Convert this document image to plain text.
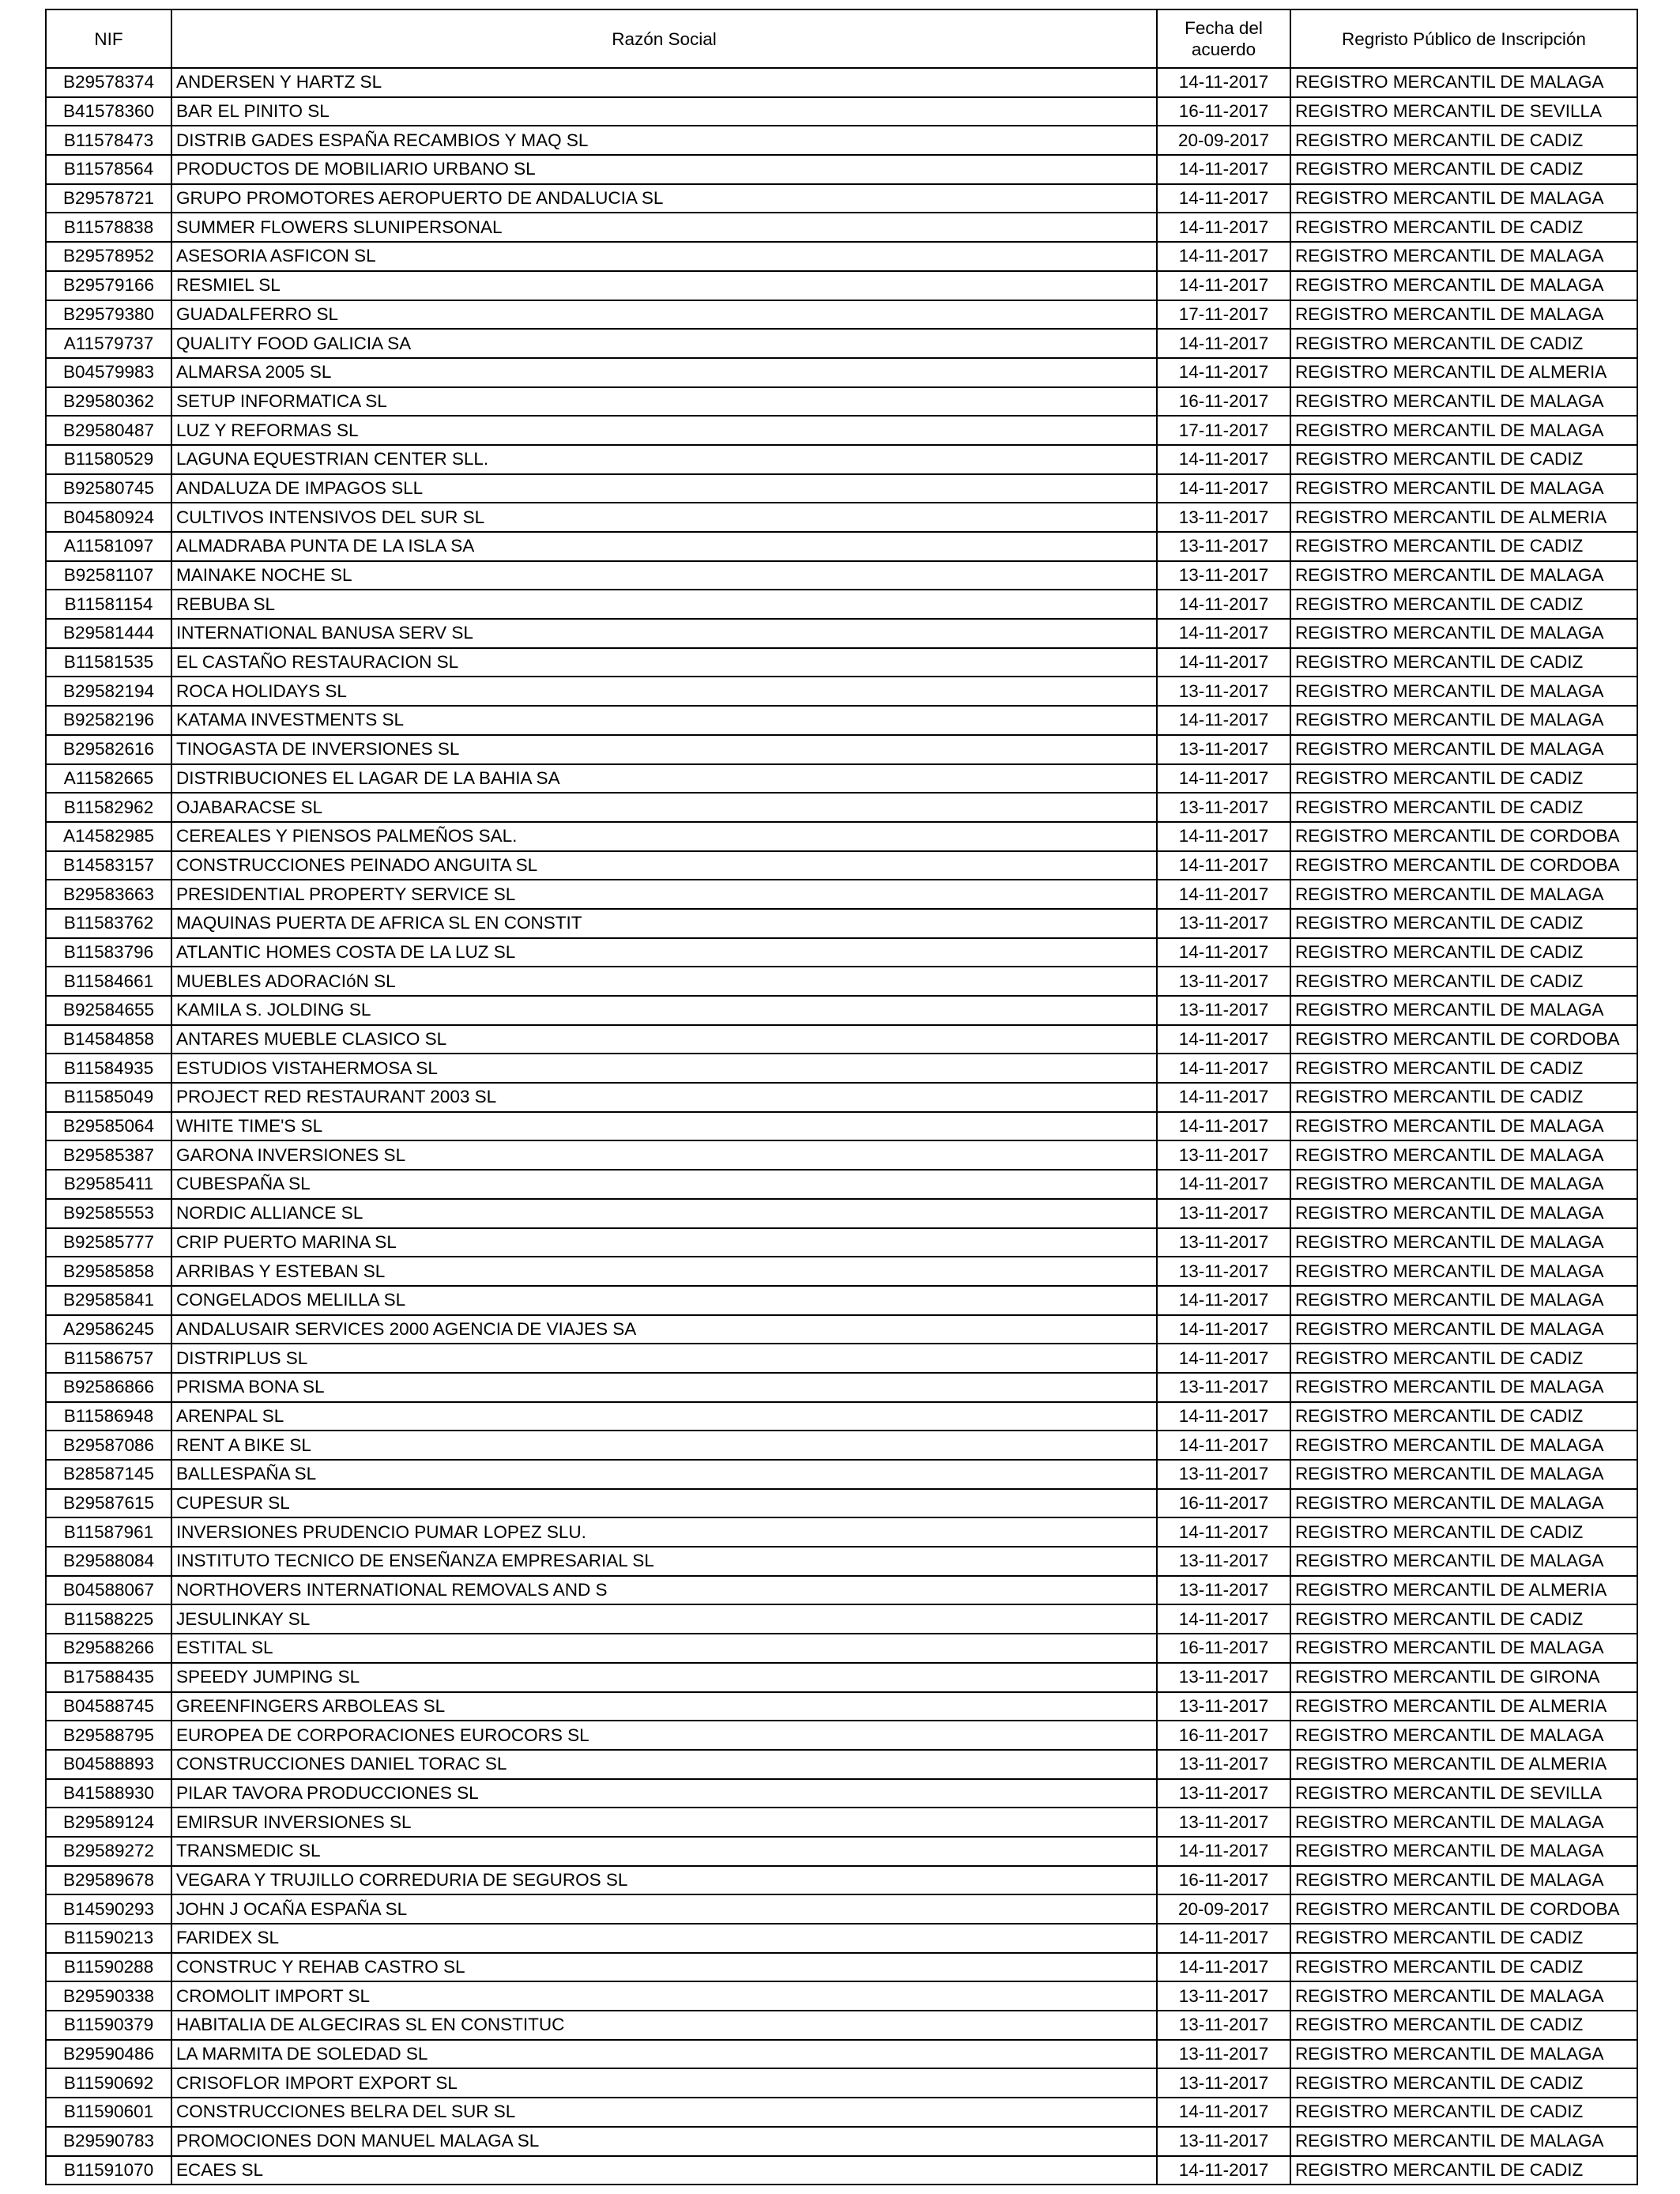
NIF	Razón Social	Fecha del acuerdo	Regristo Público de Inscripción
B29578374	ANDERSEN Y HARTZ SL	14-11-2017	REGISTRO MERCANTIL DE MALAGA
B41578360	BAR EL PINITO SL	16-11-2017	REGISTRO MERCANTIL DE SEVILLA
B11578473	DISTRIB GADES ESPAÑA RECAMBIOS Y MAQ SL	20-09-2017	REGISTRO MERCANTIL DE CADIZ
B11578564	PRODUCTOS DE MOBILIARIO URBANO SL	14-11-2017	REGISTRO MERCANTIL DE CADIZ
B29578721	GRUPO PROMOTORES AEROPUERTO DE ANDALUCIA SL	14-11-2017	REGISTRO MERCANTIL DE MALAGA
B11578838	SUMMER FLOWERS SLUNIPERSONAL	14-11-2017	REGISTRO MERCANTIL DE CADIZ
B29578952	ASESORIA ASFICON SL	14-11-2017	REGISTRO MERCANTIL DE MALAGA
B29579166	RESMIEL SL	14-11-2017	REGISTRO MERCANTIL DE MALAGA
B29579380	GUADALFERRO SL	17-11-2017	REGISTRO MERCANTIL DE MALAGA
A11579737	QUALITY FOOD GALICIA SA	14-11-2017	REGISTRO MERCANTIL DE CADIZ
B04579983	ALMARSA 2005 SL	14-11-2017	REGISTRO MERCANTIL DE ALMERIA
B29580362	SETUP INFORMATICA SL	16-11-2017	REGISTRO MERCANTIL DE MALAGA
B29580487	LUZ Y REFORMAS SL	17-11-2017	REGISTRO MERCANTIL DE MALAGA
B11580529	LAGUNA EQUESTRIAN CENTER SLL.	14-11-2017	REGISTRO MERCANTIL DE CADIZ
B92580745	ANDALUZA DE IMPAGOS SLL	14-11-2017	REGISTRO MERCANTIL DE MALAGA
B04580924	CULTIVOS INTENSIVOS DEL SUR SL	13-11-2017	REGISTRO MERCANTIL DE ALMERIA
A11581097	ALMADRABA PUNTA DE LA ISLA SA	13-11-2017	REGISTRO MERCANTIL DE CADIZ
B92581107	MAINAKE NOCHE SL	13-11-2017	REGISTRO MERCANTIL DE MALAGA
B11581154	REBUBA SL	14-11-2017	REGISTRO MERCANTIL DE CADIZ
B29581444	INTERNATIONAL BANUSA SERV SL	14-11-2017	REGISTRO MERCANTIL DE MALAGA
B11581535	EL CASTAÑO RESTAURACION SL	14-11-2017	REGISTRO MERCANTIL DE CADIZ
B29582194	ROCA HOLIDAYS SL	13-11-2017	REGISTRO MERCANTIL DE MALAGA
B92582196	KATAMA INVESTMENTS SL	14-11-2017	REGISTRO MERCANTIL DE MALAGA
B29582616	TINOGASTA DE INVERSIONES SL	13-11-2017	REGISTRO MERCANTIL DE MALAGA
A11582665	DISTRIBUCIONES EL LAGAR DE LA BAHIA SA	14-11-2017	REGISTRO MERCANTIL DE CADIZ
B11582962	OJABARACSE SL	13-11-2017	REGISTRO MERCANTIL DE CADIZ
A14582985	CEREALES Y PIENSOS PALMEÑOS SAL.	14-11-2017	REGISTRO MERCANTIL DE CORDOBA
B14583157	CONSTRUCCIONES PEINADO ANGUITA SL	14-11-2017	REGISTRO MERCANTIL DE CORDOBA
B29583663	PRESIDENTIAL PROPERTY SERVICE SL	14-11-2017	REGISTRO MERCANTIL DE MALAGA
B11583762	MAQUINAS PUERTA DE AFRICA SL EN CONSTIT	13-11-2017	REGISTRO MERCANTIL DE CADIZ
B11583796	ATLANTIC HOMES COSTA DE LA LUZ SL	14-11-2017	REGISTRO MERCANTIL DE CADIZ
B11584661	MUEBLES ADORACIóN SL	13-11-2017	REGISTRO MERCANTIL DE CADIZ
B92584655	KAMILA S. JOLDING SL	13-11-2017	REGISTRO MERCANTIL DE MALAGA
B14584858	ANTARES MUEBLE CLASICO SL	14-11-2017	REGISTRO MERCANTIL DE CORDOBA
B11584935	ESTUDIOS VISTAHERMOSA SL	14-11-2017	REGISTRO MERCANTIL DE CADIZ
B11585049	PROJECT RED RESTAURANT 2003 SL	14-11-2017	REGISTRO MERCANTIL DE CADIZ
B29585064	WHITE TIME'S SL	14-11-2017	REGISTRO MERCANTIL DE MALAGA
B29585387	GARONA INVERSIONES SL	13-11-2017	REGISTRO MERCANTIL DE MALAGA
B29585411	CUBESPAÑA SL	14-11-2017	REGISTRO MERCANTIL DE MALAGA
B92585553	NORDIC ALLIANCE SL	13-11-2017	REGISTRO MERCANTIL DE MALAGA
B92585777	CRIP PUERTO MARINA SL	13-11-2017	REGISTRO MERCANTIL DE MALAGA
B29585858	ARRIBAS Y ESTEBAN SL	13-11-2017	REGISTRO MERCANTIL DE MALAGA
B29585841	CONGELADOS MELILLA SL	14-11-2017	REGISTRO MERCANTIL DE MALAGA
A29586245	ANDALUSAIR SERVICES 2000 AGENCIA DE VIAJES SA	14-11-2017	REGISTRO MERCANTIL DE MALAGA
B11586757	DISTRIPLUS SL	14-11-2017	REGISTRO MERCANTIL DE CADIZ
B92586866	PRISMA BONA SL	13-11-2017	REGISTRO MERCANTIL DE MALAGA
B11586948	ARENPAL SL	14-11-2017	REGISTRO MERCANTIL DE CADIZ
B29587086	RENT A BIKE SL	14-11-2017	REGISTRO MERCANTIL DE MALAGA
B28587145	BALLESPAÑA SL	13-11-2017	REGISTRO MERCANTIL DE MALAGA
B29587615	CUPESUR SL	16-11-2017	REGISTRO MERCANTIL DE MALAGA
B11587961	INVERSIONES PRUDENCIO PUMAR LOPEZ SLU.	14-11-2017	REGISTRO MERCANTIL DE CADIZ
B29588084	INSTITUTO TECNICO DE ENSEÑANZA EMPRESARIAL SL	13-11-2017	REGISTRO MERCANTIL DE MALAGA
B04588067	NORTHOVERS INTERNATIONAL REMOVALS AND S	13-11-2017	REGISTRO MERCANTIL DE ALMERIA
B11588225	JESULINKAY SL	14-11-2017	REGISTRO MERCANTIL DE CADIZ
B29588266	ESTITAL SL	16-11-2017	REGISTRO MERCANTIL DE MALAGA
B17588435	SPEEDY JUMPING SL	13-11-2017	REGISTRO MERCANTIL DE GIRONA
B04588745	GREENFINGERS ARBOLEAS SL	13-11-2017	REGISTRO MERCANTIL DE ALMERIA
B29588795	EUROPEA DE CORPORACIONES EUROCORS SL	16-11-2017	REGISTRO MERCANTIL DE MALAGA
B04588893	CONSTRUCCIONES DANIEL TORAC SL	13-11-2017	REGISTRO MERCANTIL DE ALMERIA
B41588930	PILAR TAVORA PRODUCCIONES SL	13-11-2017	REGISTRO MERCANTIL DE SEVILLA
B29589124	EMIRSUR INVERSIONES SL	13-11-2017	REGISTRO MERCANTIL DE MALAGA
B29589272	TRANSMEDIC SL	14-11-2017	REGISTRO MERCANTIL DE MALAGA
B29589678	VEGARA Y TRUJILLO CORREDURIA DE SEGUROS SL	16-11-2017	REGISTRO MERCANTIL DE MALAGA
B14590293	JOHN J OCAÑA ESPAÑA SL	20-09-2017	REGISTRO MERCANTIL DE CORDOBA
B11590213	FARIDEX SL	14-11-2017	REGISTRO MERCANTIL DE CADIZ
B11590288	CONSTRUC Y REHAB CASTRO SL	14-11-2017	REGISTRO MERCANTIL DE CADIZ
B29590338	CROMOLIT IMPORT SL	13-11-2017	REGISTRO MERCANTIL DE MALAGA
B11590379	HABITALIA DE ALGECIRAS SL EN CONSTITUC	13-11-2017	REGISTRO MERCANTIL DE CADIZ
B29590486	LA MARMITA DE SOLEDAD SL	13-11-2017	REGISTRO MERCANTIL DE MALAGA
B11590692	CRISOFLOR IMPORT EXPORT SL	13-11-2017	REGISTRO MERCANTIL DE CADIZ
B11590601	CONSTRUCCIONES BELRA DEL SUR SL	14-11-2017	REGISTRO MERCANTIL DE CADIZ
B29590783	PROMOCIONES DON MANUEL MALAGA SL	13-11-2017	REGISTRO MERCANTIL DE MALAGA
B11591070	ECAES SL	14-11-2017	REGISTRO MERCANTIL DE CADIZ
